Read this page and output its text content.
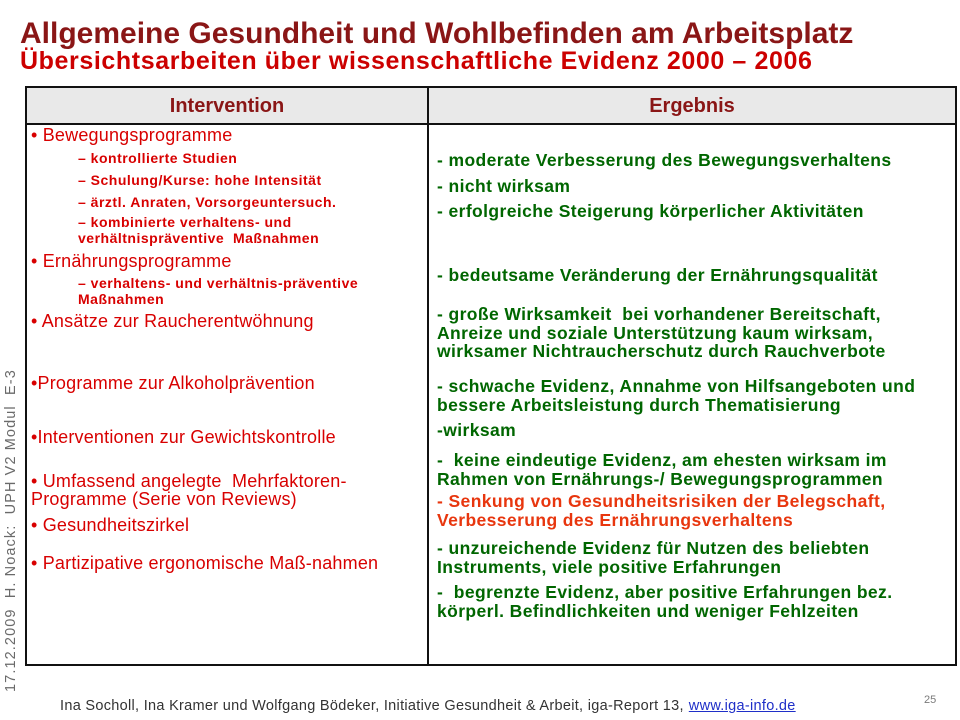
Allgemeine Gesundheit und Wohlbefinden am Arbeitsplatz
Übersichtsarbeiten über wissenschaftliche Evidenz 2000 – 2006
17.12.2009  H. Noack:  UPH V2 Modul  E-3
Intervention	Ergebnis
• Bewegungsprogramme
– kontrollierte Studien
– Schulung/Kurse: hohe Intensität
– ärztl. Anraten, Vorsorgeuntersuch.
– kombinierte verhaltens- und
verhältnispräventive  Maßnahmen
• Ernährungsprogramme
– verhaltens- und verhältnis-präventive
Maßnahmen
• Ansätze zur Raucherentwöhnung
•Programme zur Alkoholprävention
•Interventionen zur Gewichtskontrolle
• Umfassend angelegte  Mehrfaktoren-
Programme (Serie von Reviews)
• Gesundheitszirkel
• Partizipative ergonomische Maß-nahmen
- moderate Verbesserung des Bewegungsverhaltens
- nicht wirksam
- erfolgreiche Steigerung körperlicher Aktivitäten
- bedeutsame Veränderung der Ernährungsqualität
- große Wirksamkeit  bei vorhandener Bereitschaft,
Anreize und soziale Unterstützung kaum wirksam,
wirksamer Nichtraucherschutz durch Rauchverbote
- schwache Evidenz, Annahme von Hilfsangeboten und
bessere Arbeitsleistung durch Thematisierung
-wirksam
-  keine eindeutige Evidenz, am ehesten wirksam im
Rahmen von Ernährungs-/ Bewegungsprogrammen
- Senkung von Gesundheitsrisiken der Belegschaft,
Verbesserung des Ernährungsverhaltens
- unzureichende Evidenz für Nutzen des beliebten
Instruments, viele positive Erfahrungen
-  begrenzte Evidenz, aber positive Erfahrungen bez.
körperl. Befindlichkeiten und weniger Fehlzeiten
Ina Socholl, Ina Kramer und Wolfgang Bödeker, Initiative Gesundheit & Arbeit, iga-Report 13, www.iga-info.de	25
